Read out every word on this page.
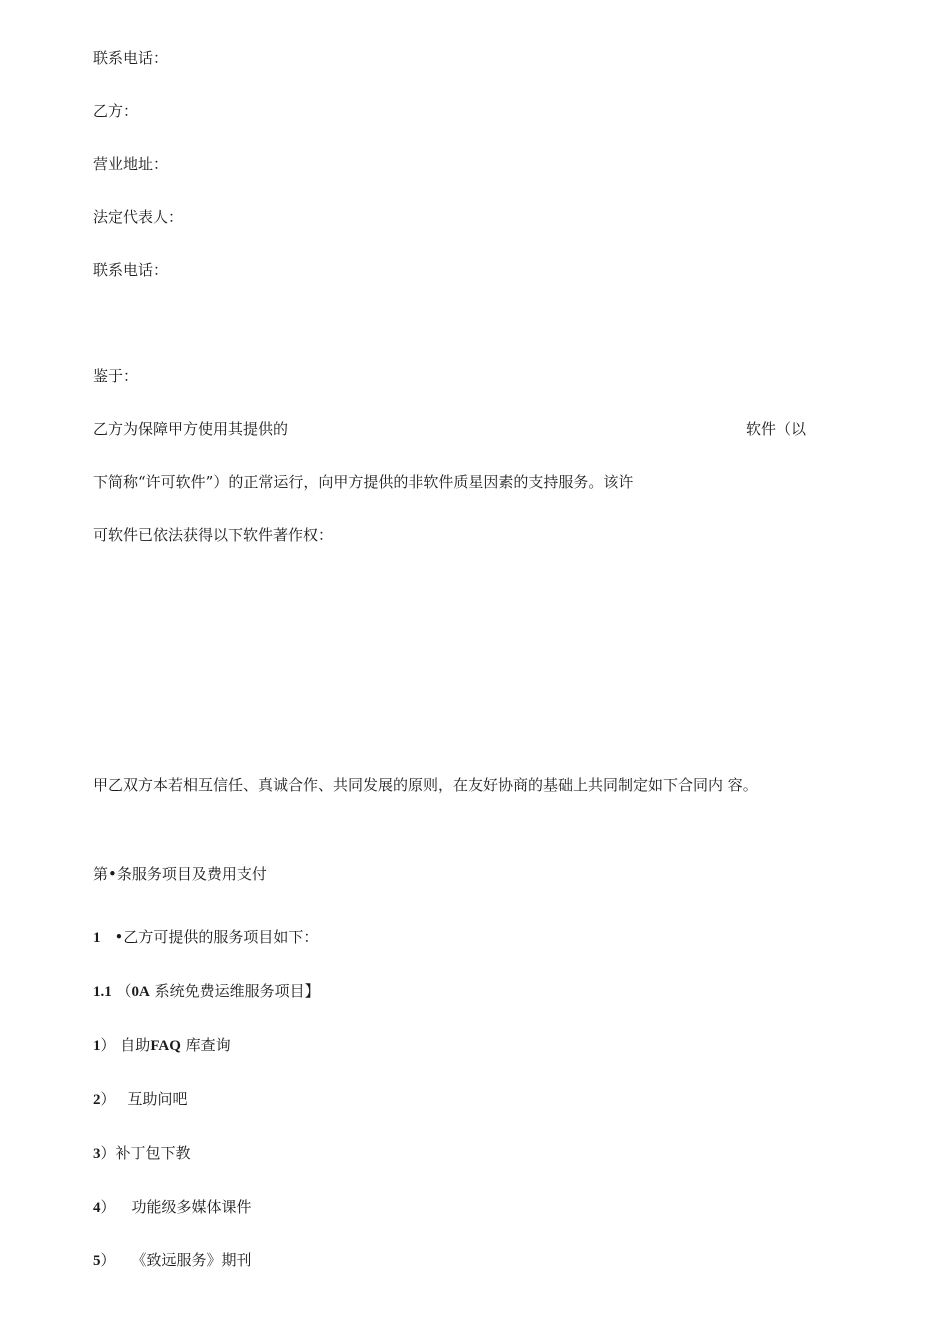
联系电话：
乙方：
营业地址：
法定代表人：
联系电话：
鉴于：
乙方为保障甲方使用其提供的	软件（以
下简称“许可软件”）的正常运行，向甲方提供的非软件质星因素的支持服务。该许
可软件已依法获得以下软件著作权：
甲乙双方本若相互信任、真诚合作、共同发展的原则，在友好协商的基础上共同制定如下合同内 容。
第•条服务项目及费用支付
1 •乙方可提供的服务项目如下：
1.1 （0A 系统免费运维服务项目】
1） 自助FAQ 库查询
2） 互助问吧
3）补丁包下教
4） 功能级多媒体课件
5） 《致远服务》期刊
